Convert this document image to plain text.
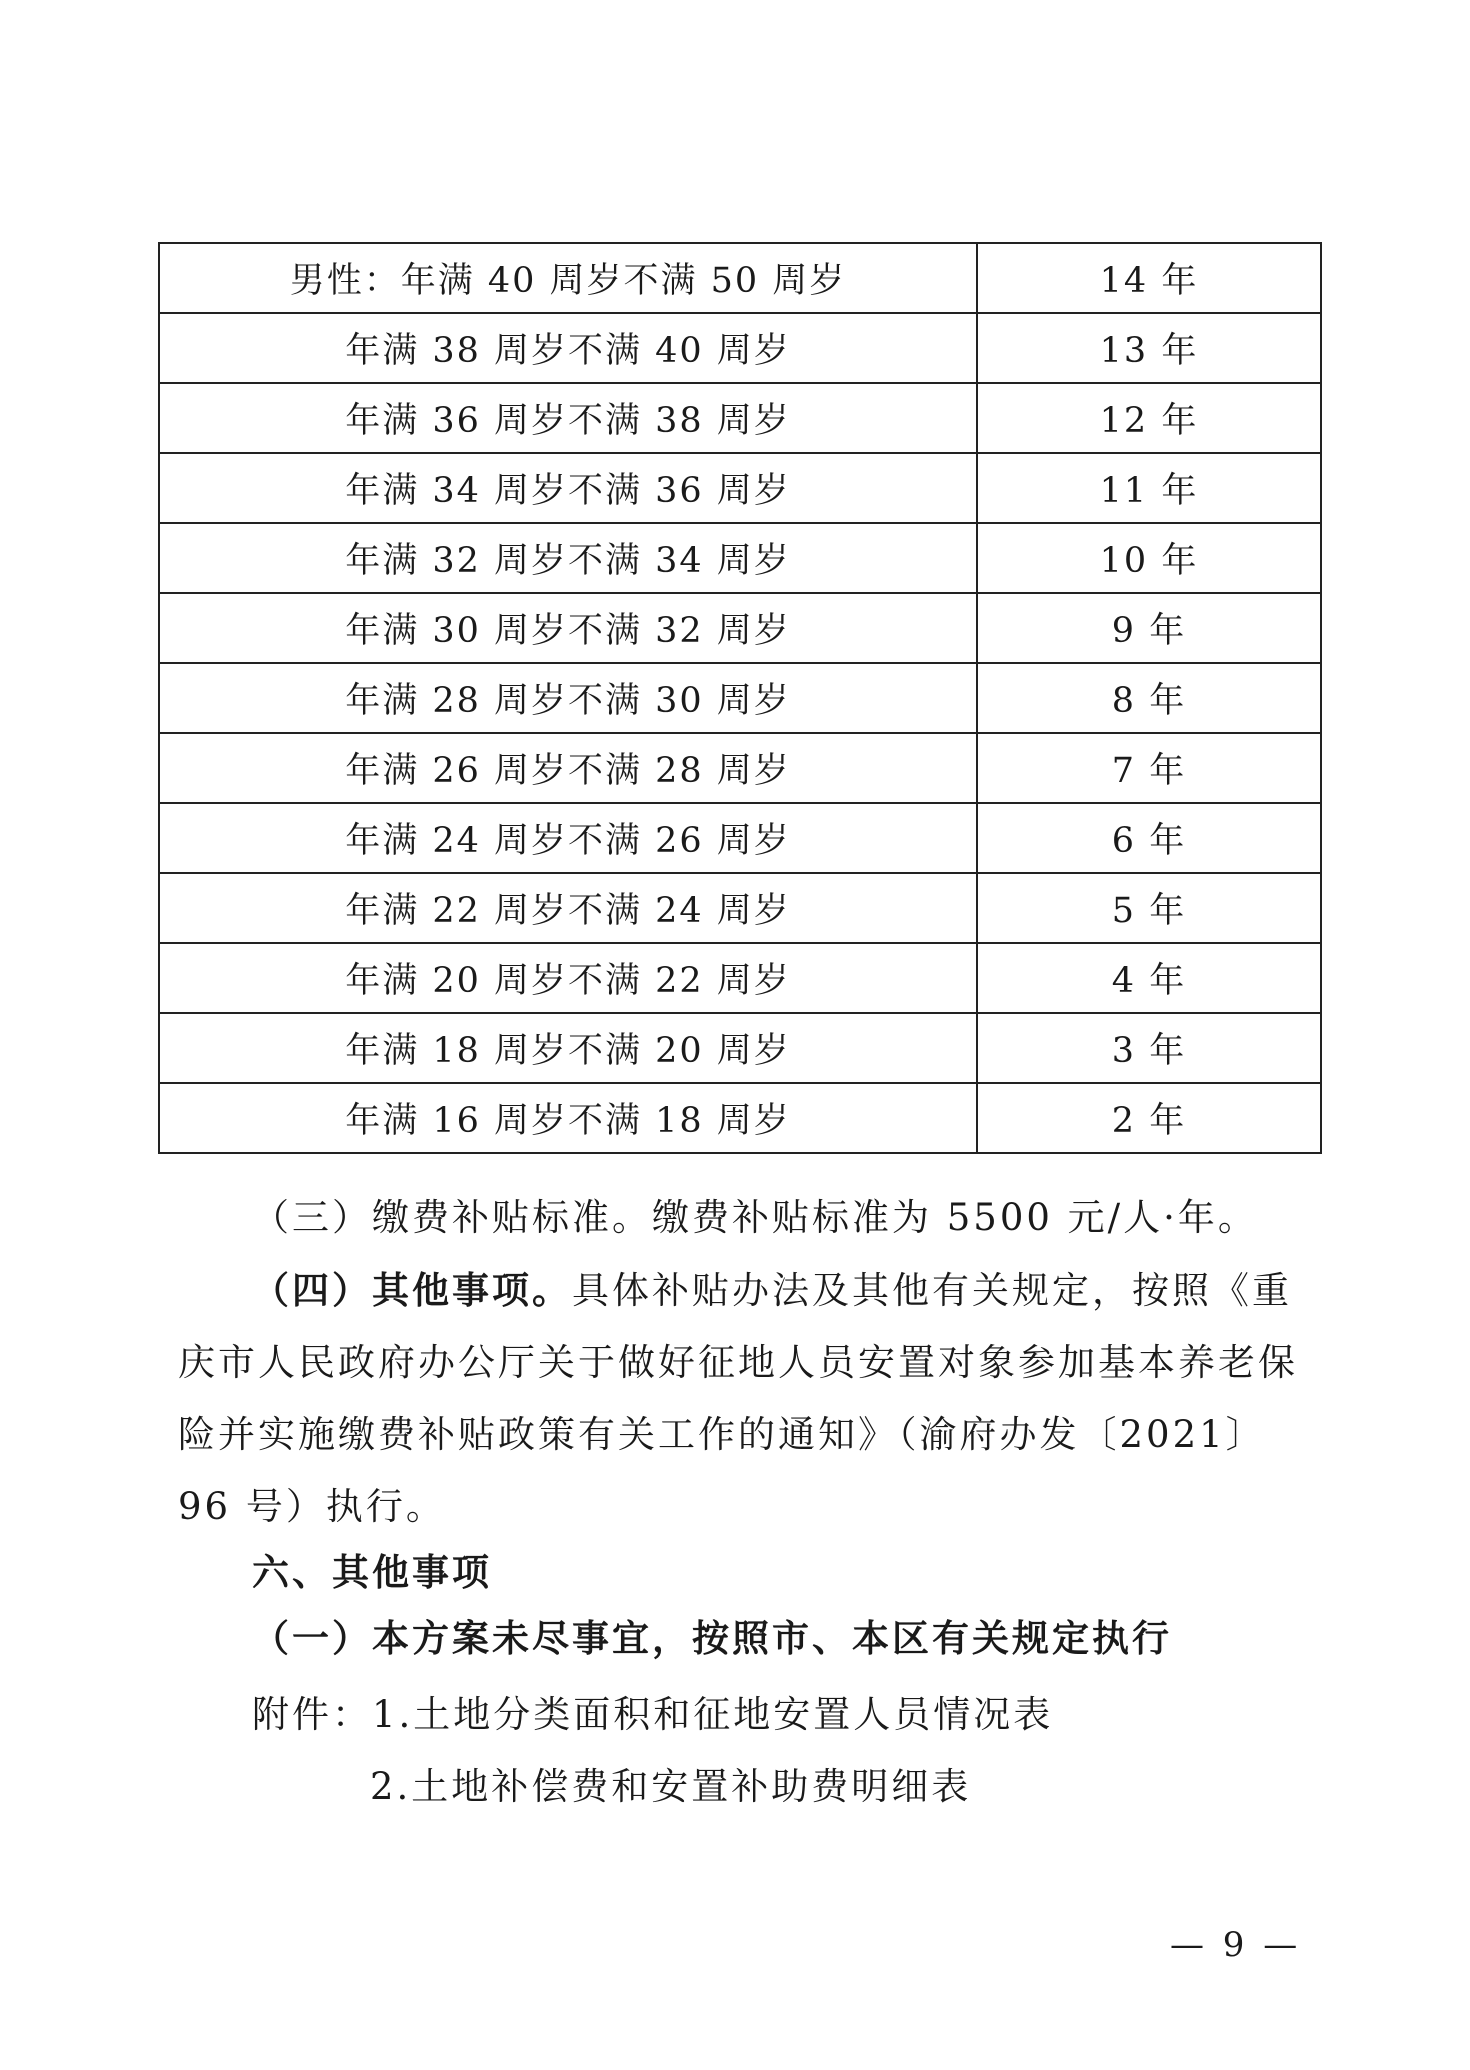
男性：年满 40 周岁不满 50 周岁	14 年
年满 38 周岁不满 40 周岁	13 年
年满 36 周岁不满 38 周岁	12 年
年满 34 周岁不满 36 周岁	11 年
年满 32 周岁不满 34 周岁	10 年
年满 30 周岁不满 32 周岁	9 年
年满 28 周岁不满 30 周岁	8 年
年满 26 周岁不满 28 周岁	7 年
年满 24 周岁不满 26 周岁	6 年
年满 22 周岁不满 24 周岁	5 年
年满 20 周岁不满 22 周岁	4 年
年满 18 周岁不满 20 周岁	3 年
年满 16 周岁不满 18 周岁	2 年

（三）缴费补贴标准。缴费补贴标准为 5500 元/人·年。

（四）其他事项。具体补贴办法及其他有关规定，按照《重庆市人民政府办公厅关于做好征地人员安置对象参加基本养老保险并实施缴费补贴政策有关工作的通知》（渝府办发〔2021〕96 号）执行。

六、其他事项

（一）本方案未尽事宜，按照市、本区有关规定执行

附件：1.土地分类面积和征地安置人员情况表
2.土地补偿费和安置补助费明细表
— 9 —
